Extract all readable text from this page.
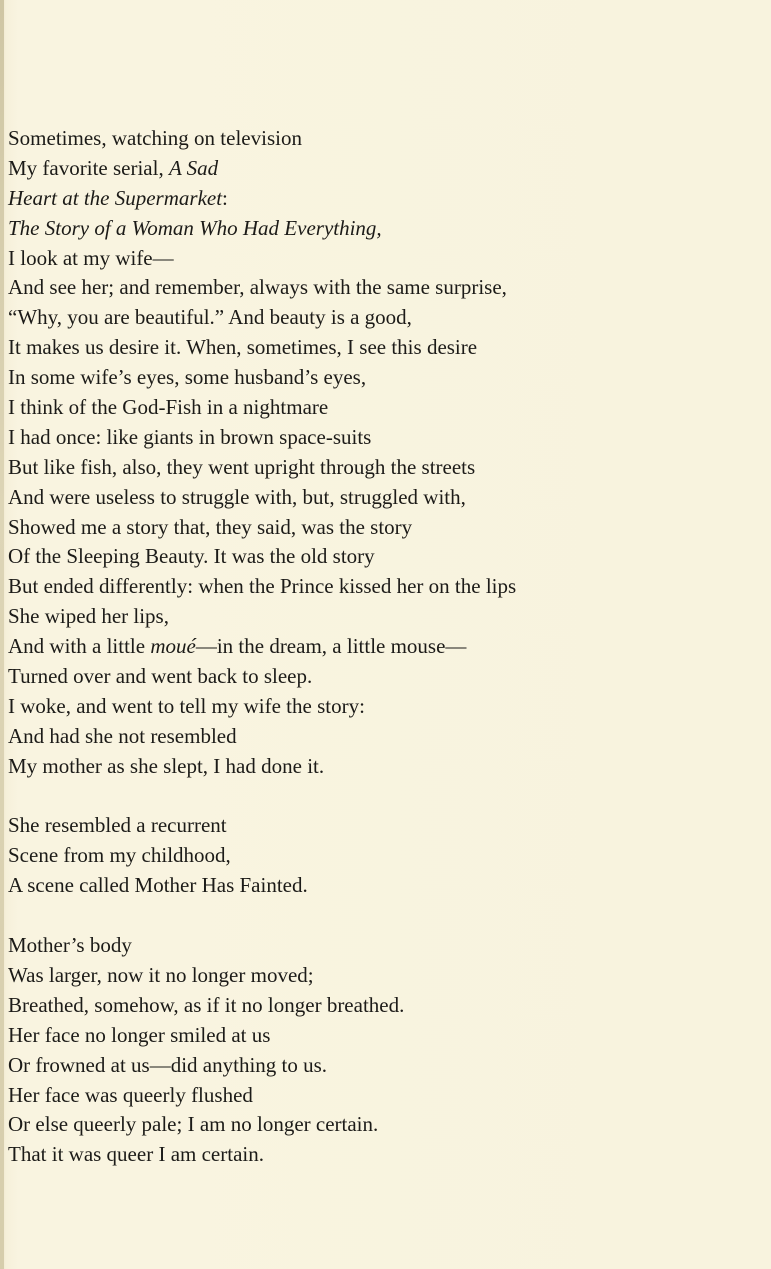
Sometimes, watching on television
My favorite serial, A Sad
Heart at the Supermarket:
The Story of a Woman Who Had Everything,
I look at my wife—
And see her; and remember, always with the same surprise,
“Why, you are beautiful.” And beauty is a good,
It makes us desire it. When, sometimes, I see this desire
In some wife’s eyes, some husband’s eyes,
I think of the God-Fish in a nightmare
I had once: like giants in brown space-suits
But like fish, also, they went upright through the streets
And were useless to struggle with, but, struggled with,
Showed me a story that, they said, was the story
Of the Sleeping Beauty. It was the old story
But ended differently: when the Prince kissed her on the lips
She wiped her lips,
And with a little moué—in the dream, a little mouse—
Turned over and went back to sleep.
I woke, and went to tell my wife the story:
And had she not resembled
My mother as she slept, I had done it.
She resembled a recurrent
Scene from my childhood,
A scene called Mother Has Fainted.
Mother’s body
Was larger, now it no longer moved;
Breathed, somehow, as if it no longer breathed.
Her face no longer smiled at us
Or frowned at us—did anything to us.
Her face was queerly flushed
Or else queerly pale; I am no longer certain.
That it was queer I am certain.
